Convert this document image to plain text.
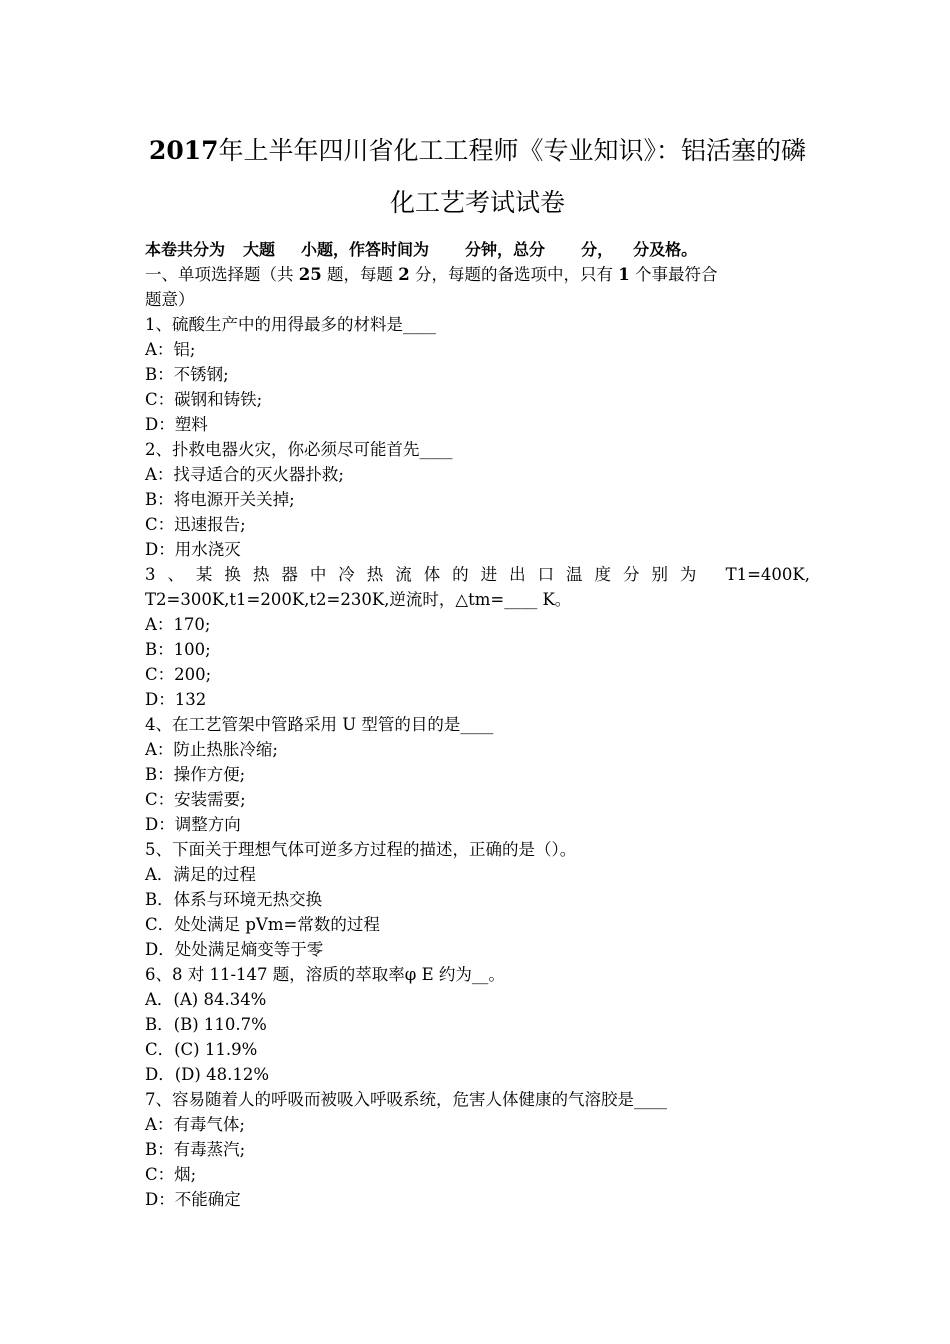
2017年上半年四川省化工工程师《专业知识》：铝活塞的磷
化工艺考试试卷
本卷共分为 大题 小题，作答时间为 分钟，总分 分， 分及格。
一、单项选择题（共 25 题，每题 2 分，每题的备选项中，只有 1 个事最符合
题意）
1、硫酸生产中的用得最多的材料是____
A：铝;
B：不锈钢;
C：碳钢和铸铁;
D：塑料
2、扑救电器火灾，你必须尽可能首先____
A：找寻适合的灭火器扑救;
B：将电源开关关掉;
C：迅速报告;
D：用水浇灭
3、某换热器中冷热流体的进出口温度分别为 T1=400K,
T2=300K,t1=200K,t2=230K,逆流时，△tm=____ K。
A：170;
B：100;
C：200;
D：132
4、在工艺管架中管路采用 U 型管的目的是____
A：防止热胀冷缩;
B：操作方便;
C：安装需要;
D：调整方向
5、下面关于理想气体可逆多方过程的描述，正确的是（）。
A．满足的过程
B．体系与环境无热交换
C．处处满足 pVm=常数的过程
D．处处满足熵变等于零
6、8 对 11-147 题，溶质的萃取率φ E 约为__。
A．(A) 84.34%
B．(B) 110.7%
C．(C) 11.9%
D．(D) 48.12%
7、容易随着人的呼吸而被吸入呼吸系统，危害人体健康的气溶胶是____
A：有毒气体;
B：有毒蒸汽;
C：烟;
D：不能确定
